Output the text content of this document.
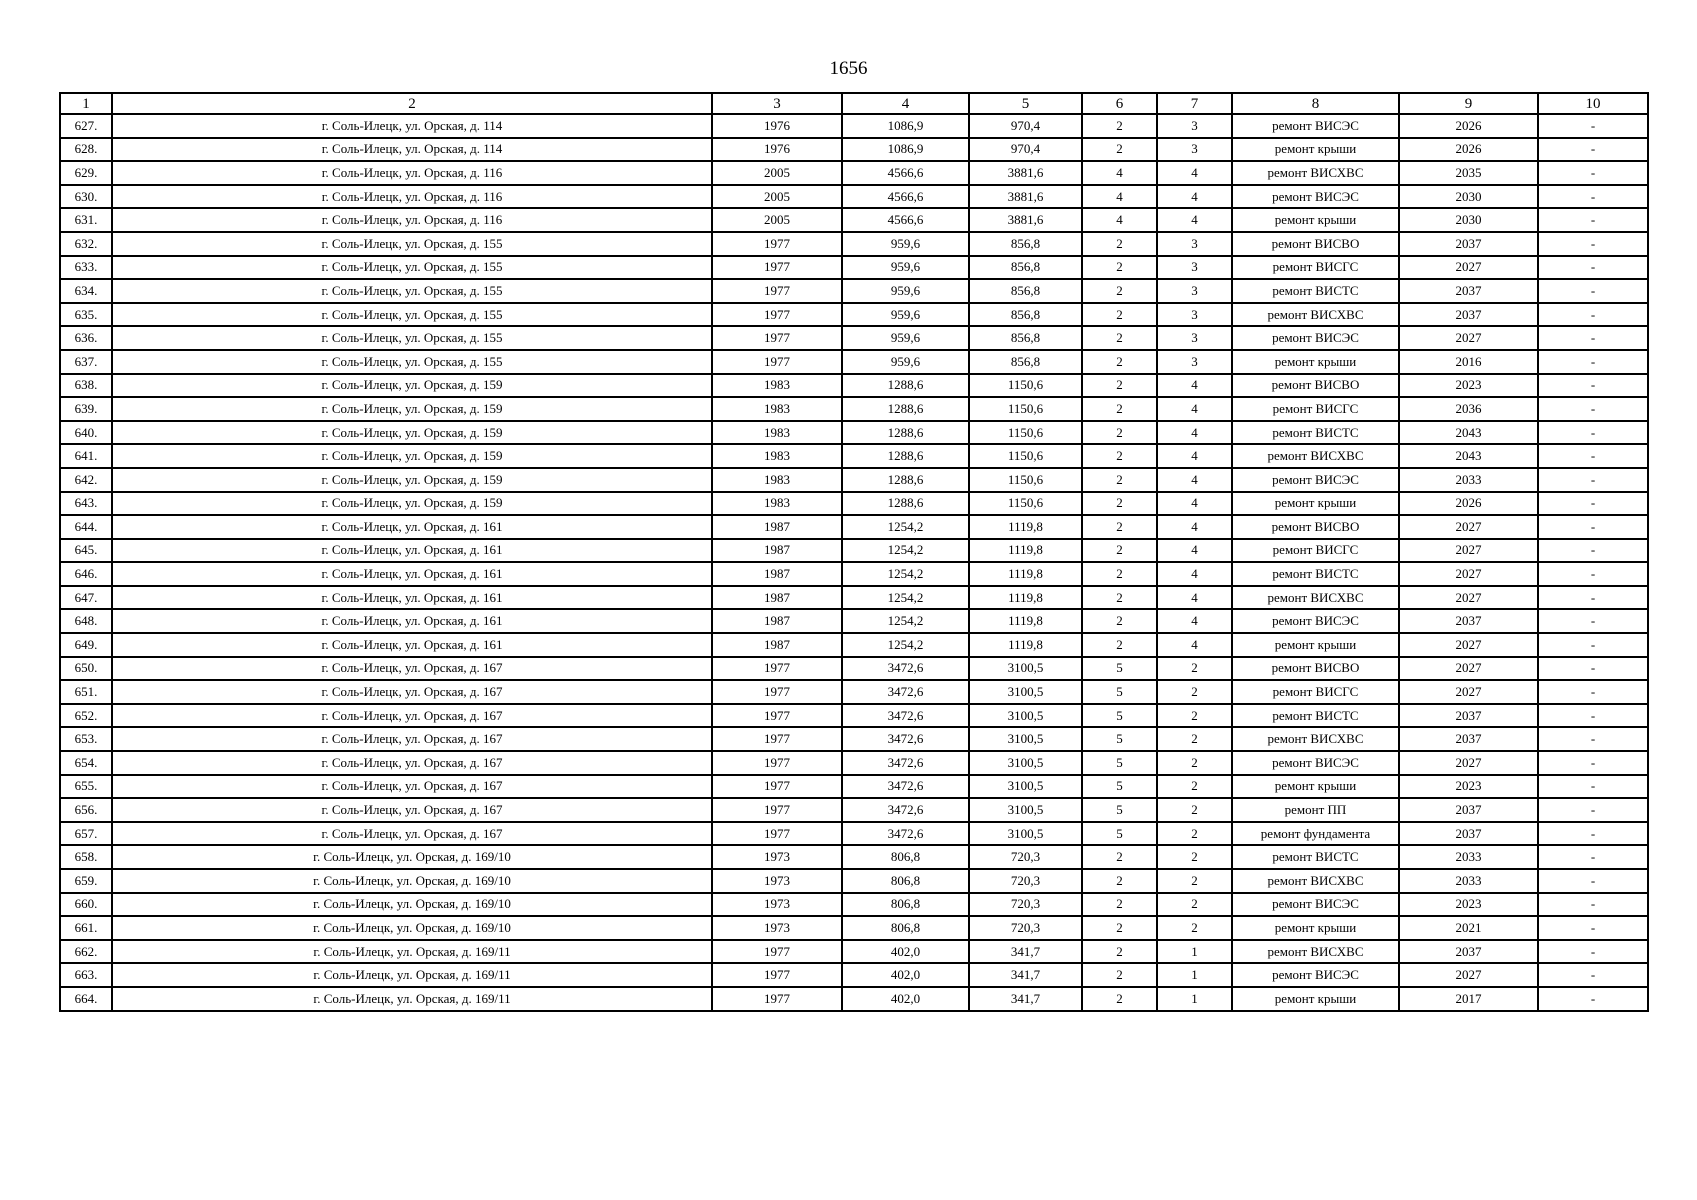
1656
1	2	3	4	5	6	7	8	9	10
627.	г. Соль-Илецк, ул. Орская, д. 114	1976	1086,9	970,4	2	3	ремонт ВИСЭС	2026	-
628.	г. Соль-Илецк, ул. Орская, д. 114	1976	1086,9	970,4	2	3	ремонт крыши	2026	-
629.	г. Соль-Илецк, ул. Орская, д. 116	2005	4566,6	3881,6	4	4	ремонт ВИСХВС	2035	-
630.	г. Соль-Илецк, ул. Орская, д. 116	2005	4566,6	3881,6	4	4	ремонт ВИСЭС	2030	-
631.	г. Соль-Илецк, ул. Орская, д. 116	2005	4566,6	3881,6	4	4	ремонт крыши	2030	-
632.	г. Соль-Илецк, ул. Орская, д. 155	1977	959,6	856,8	2	3	ремонт ВИСВО	2037	-
633.	г. Соль-Илецк, ул. Орская, д. 155	1977	959,6	856,8	2	3	ремонт ВИСГС	2027	-
634.	г. Соль-Илецк, ул. Орская, д. 155	1977	959,6	856,8	2	3	ремонт ВИСТС	2037	-
635.	г. Соль-Илецк, ул. Орская, д. 155	1977	959,6	856,8	2	3	ремонт ВИСХВС	2037	-
636.	г. Соль-Илецк, ул. Орская, д. 155	1977	959,6	856,8	2	3	ремонт ВИСЭС	2027	-
637.	г. Соль-Илецк, ул. Орская, д. 155	1977	959,6	856,8	2	3	ремонт крыши	2016	-
638.	г. Соль-Илецк, ул. Орская, д. 159	1983	1288,6	1150,6	2	4	ремонт ВИСВО	2023	-
639.	г. Соль-Илецк, ул. Орская, д. 159	1983	1288,6	1150,6	2	4	ремонт ВИСГС	2036	-
640.	г. Соль-Илецк, ул. Орская, д. 159	1983	1288,6	1150,6	2	4	ремонт ВИСТС	2043	-
641.	г. Соль-Илецк, ул. Орская, д. 159	1983	1288,6	1150,6	2	4	ремонт ВИСХВС	2043	-
642.	г. Соль-Илецк, ул. Орская, д. 159	1983	1288,6	1150,6	2	4	ремонт ВИСЭС	2033	-
643.	г. Соль-Илецк, ул. Орская, д. 159	1983	1288,6	1150,6	2	4	ремонт крыши	2026	-
644.	г. Соль-Илецк, ул. Орская, д. 161	1987	1254,2	1119,8	2	4	ремонт ВИСВО	2027	-
645.	г. Соль-Илецк, ул. Орская, д. 161	1987	1254,2	1119,8	2	4	ремонт ВИСГС	2027	-
646.	г. Соль-Илецк, ул. Орская, д. 161	1987	1254,2	1119,8	2	4	ремонт ВИСТС	2027	-
647.	г. Соль-Илецк, ул. Орская, д. 161	1987	1254,2	1119,8	2	4	ремонт ВИСХВС	2027	-
648.	г. Соль-Илецк, ул. Орская, д. 161	1987	1254,2	1119,8	2	4	ремонт ВИСЭС	2037	-
649.	г. Соль-Илецк, ул. Орская, д. 161	1987	1254,2	1119,8	2	4	ремонт крыши	2027	-
650.	г. Соль-Илецк, ул. Орская, д. 167	1977	3472,6	3100,5	5	2	ремонт ВИСВО	2027	-
651.	г. Соль-Илецк, ул. Орская, д. 167	1977	3472,6	3100,5	5	2	ремонт ВИСГС	2027	-
652.	г. Соль-Илецк, ул. Орская, д. 167	1977	3472,6	3100,5	5	2	ремонт ВИСТС	2037	-
653.	г. Соль-Илецк, ул. Орская, д. 167	1977	3472,6	3100,5	5	2	ремонт ВИСХВС	2037	-
654.	г. Соль-Илецк, ул. Орская, д. 167	1977	3472,6	3100,5	5	2	ремонт ВИСЭС	2027	-
655.	г. Соль-Илецк, ул. Орская, д. 167	1977	3472,6	3100,5	5	2	ремонт крыши	2023	-
656.	г. Соль-Илецк, ул. Орская, д. 167	1977	3472,6	3100,5	5	2	ремонт ПП	2037	-
657.	г. Соль-Илецк, ул. Орская, д. 167	1977	3472,6	3100,5	5	2	ремонт фундамента	2037	-
658.	г. Соль-Илецк, ул. Орская, д. 169/10	1973	806,8	720,3	2	2	ремонт ВИСТС	2033	-
659.	г. Соль-Илецк, ул. Орская, д. 169/10	1973	806,8	720,3	2	2	ремонт ВИСХВС	2033	-
660.	г. Соль-Илецк, ул. Орская, д. 169/10	1973	806,8	720,3	2	2	ремонт ВИСЭС	2023	-
661.	г. Соль-Илецк, ул. Орская, д. 169/10	1973	806,8	720,3	2	2	ремонт крыши	2021	-
662.	г. Соль-Илецк, ул. Орская, д. 169/11	1977	402,0	341,7	2	1	ремонт ВИСХВС	2037	-
663.	г. Соль-Илецк, ул. Орская, д. 169/11	1977	402,0	341,7	2	1	ремонт ВИСЭС	2027	-
664.	г. Соль-Илецк, ул. Орская, д. 169/11	1977	402,0	341,7	2	1	ремонт крыши	2017	-
